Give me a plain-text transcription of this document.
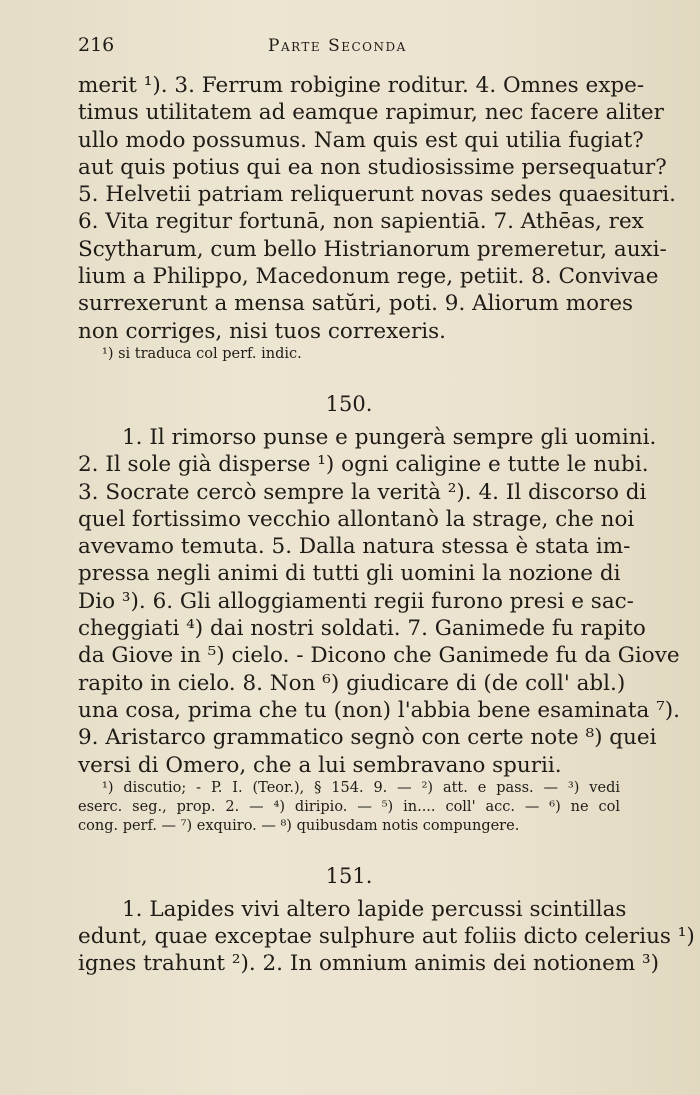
216	Parte Seconda
merit ¹). 3. Ferrum robigine roditur. 4. Omnes expe-
timus utilitatem ad eamque rapimur, nec facere aliter
ullo modo possumus. Nam quis est qui utilia fugiat?
aut quis potius qui ea non studiosissime persequatur?
5. Helvetii patriam reliquerunt novas sedes quaesituri.
6. Vita regitur fortunā, non sapientiā. 7. Athēas, rex
Scytharum, cum bello Histrianorum premeretur, auxi-
lium a Philippo, Macedonum rege, petiit. 8. Convivae
surrexerunt a mensa satŭri, poti. 9. Aliorum mores
non corriges, nisi tuos correxeris.
¹) si traduca col perf. indic.
150.
1. Il rimorso punse e pungerà sempre gli uomini.
2. Il sole già disperse ¹) ogni caligine e tutte le nubi.
3. Socrate cercò sempre la verità ²). 4. Il discorso di
quel fortissimo vecchio allontanò la strage, che noi
avevamo temuta. 5. Dalla natura stessa è stata im-
pressa negli animi di tutti gli uomini la nozione di
Dio ³). 6. Gli alloggiamenti regii furono presi e sac-
cheggiati ⁴) dai nostri soldati. 7. Ganimede fu rapito
da Giove in ⁵) cielo. - Dicono che Ganimede fu da Giove
rapito in cielo. 8. Non ⁶) giudicare di (de coll' abl.)
una cosa, prima che tu (non) l'abbia bene esaminata ⁷).
9. Aristarco grammatico segnò con certe note ⁸) quei
versi di Omero, che a lui sembravano spurii.
¹) discutio; - P. I. (Teor.), § 154. 9. — ²) att. e pass. — ³) vedi
eserc. seg., prop. 2. — ⁴) diripio. — ⁵) in.... coll' acc. — ⁶) ne col
cong. perf. — ⁷) exquiro. — ⁸) quibusdam notis compungere.
151.
1. Lapides vivi altero lapide percussi scintillas
edunt, quae exceptae sulphure aut foliis dicto celerius ¹)
ignes trahunt ²). 2. In omnium animis dei notionem ³)
